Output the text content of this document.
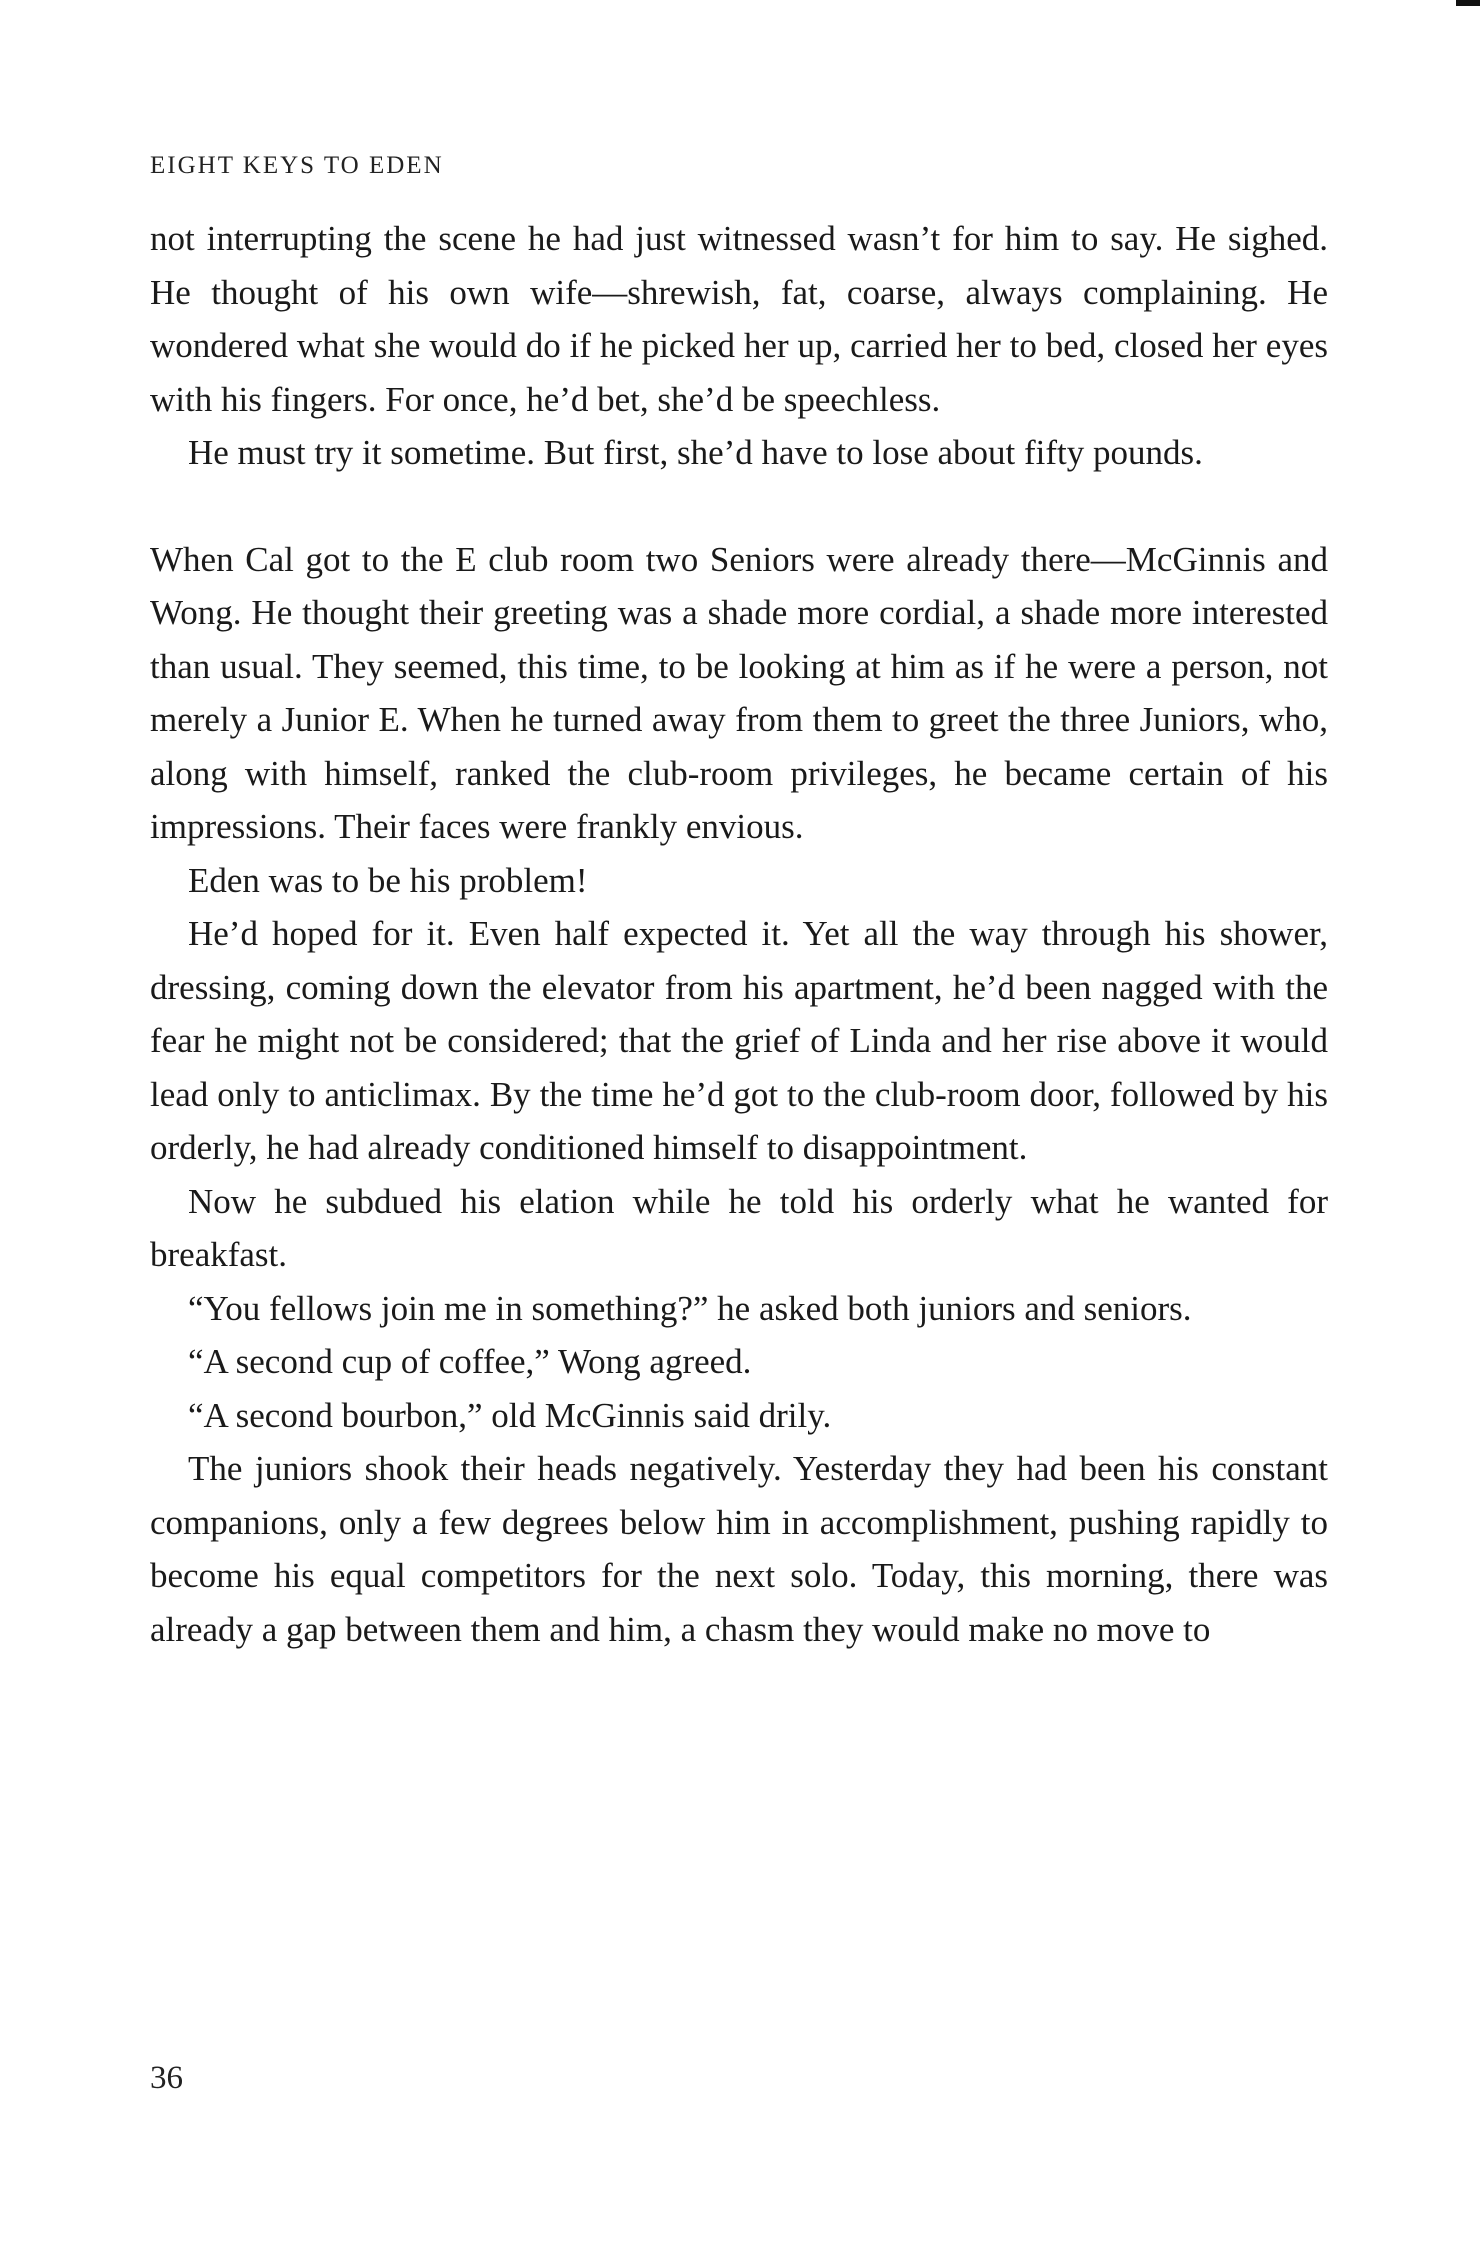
EIGHT KEYS TO EDEN

not interrupting the scene he had just witnessed wasn’t for him to say. He sighed. He thought of his own wife—shrewish, fat, coarse, always complaining. He wondered what she would do if he picked her up, carried her to bed, closed her eyes with his fingers. For once, he’d bet, she’d be speechless.

He must try it sometime. But first, she’d have to lose about fifty pounds.

When Cal got to the E club room two Seniors were already there—McGinnis and Wong. He thought their greeting was a shade more cordial, a shade more interested than usual. They seemed, this time, to be looking at him as if he were a person, not merely a Junior E. When he turned away from them to greet the three Juniors, who, along with himself, ranked the club-room privileges, he became certain of his impressions. Their faces were frankly envious.

Eden was to be his problem!

He’d hoped for it. Even half expected it. Yet all the way through his shower, dressing, coming down the elevator from his apartment, he’d been nagged with the fear he might not be considered; that the grief of Linda and her rise above it would lead only to anticlimax. By the time he’d got to the club-room door, followed by his orderly, he had already conditioned himself to disappointment.

Now he subdued his elation while he told his orderly what he wanted for breakfast.

“You fellows join me in something?” he asked both juniors and seniors.

“A second cup of coffee,” Wong agreed.

“A second bourbon,” old McGinnis said drily.

The juniors shook their heads negatively. Yesterday they had been his constant companions, only a few degrees below him in accomplishment, pushing rapidly to become his equal competitors for the next solo. Today, this morning, there was already a gap between them and him, a chasm they would make no move to

36
